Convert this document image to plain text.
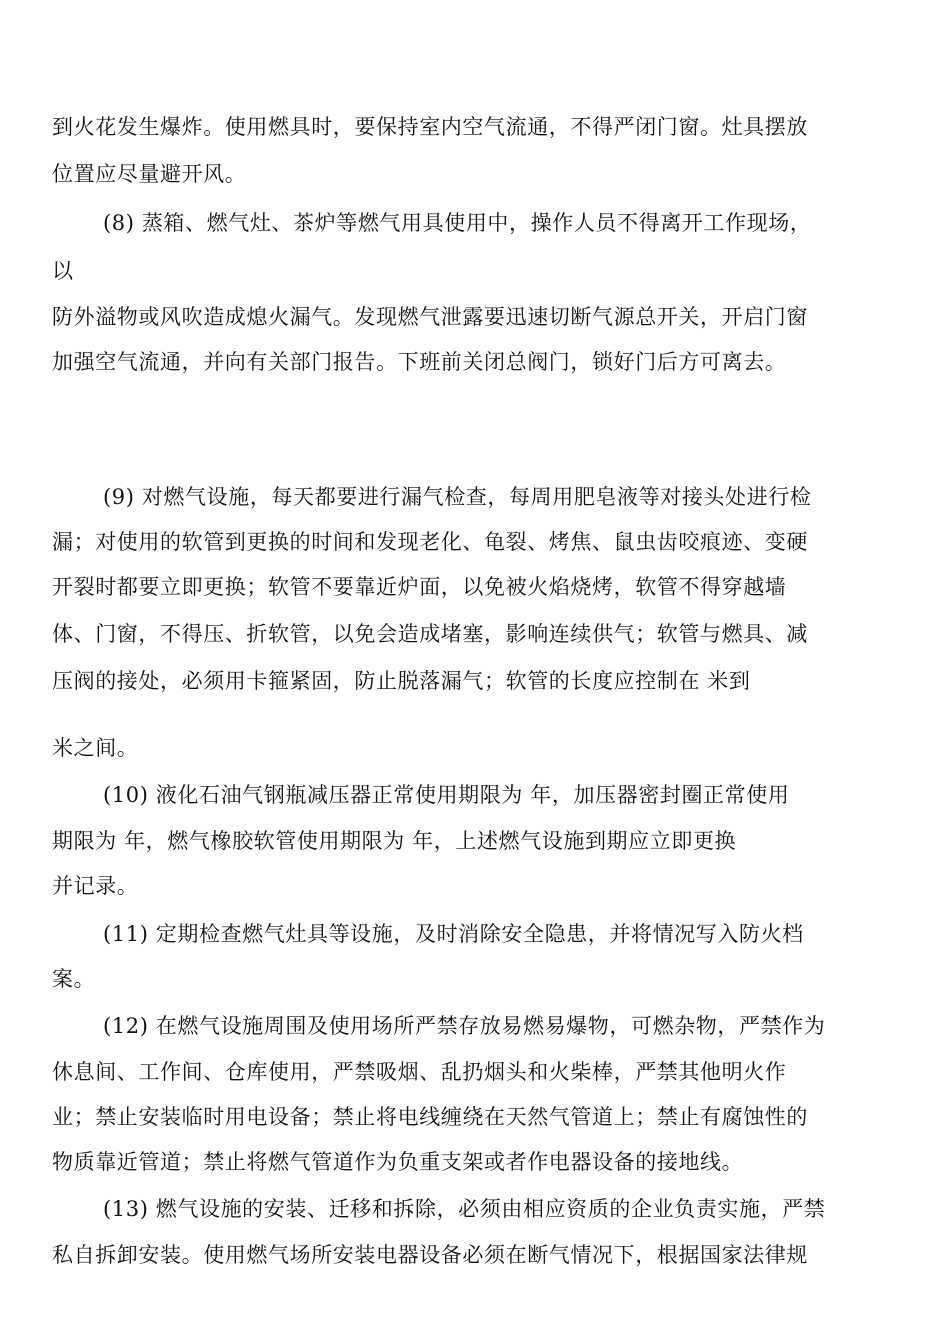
到火花发生爆炸。使用燃具时，要保持室内空气流通，不得严闭门窗。灶具摆放

位置应尽量避开风。

(8) 蒸箱、燃气灶、茶炉等燃气用具使用中，操作人员不得离开工作现场，

以

防外溢物或风吹造成熄火漏气。发现燃气泄露要迅速切断气源总开关，开启门窗

加强空气流通，并向有关部门报告。下班前关闭总阀门，锁好门后方可离去。

(9) 对燃气设施，每天都要进行漏气检查，每周用肥皂液等对接头处进行检

漏；对使用的软管到更换的时间和发现老化、龟裂、烤焦、鼠虫齿咬痕迹、变硬

开裂时都要立即更换；软管不要靠近炉面，以免被火焰烧烤，软管不得穿越墙

体、门窗，不得压、折软管，以免会造成堵塞，影响连续供气；软管与燃具、减

压阀的接处，必须用卡箍紧固，防止脱落漏气；软管的长度应控制在 米到

米之间。

(10) 液化石油气钢瓶减压器正常使用期限为 年，加压器密封圈正常使用

期限为 年，燃气橡胶软管使用期限为 年，上述燃气设施到期应立即更换

并记录。

(11) 定期检查燃气灶具等设施，及时消除安全隐患，并将情况写入防火档

案。

(12) 在燃气设施周围及使用场所严禁存放易燃易爆物，可燃杂物，严禁作为

休息间、工作间、仓库使用，严禁吸烟、乱扔烟头和火柴棒，严禁其他明火作

业；禁止安装临时用电设备；禁止将电线缠绕在天然气管道上；禁止有腐蚀性的

物质靠近管道；禁止将燃气管道作为负重支架或者作电器设备的接地线。

(13) 燃气设施的安装、迁移和拆除，必须由相应资质的企业负责实施，严禁

私自拆卸安装。使用燃气场所安装电器设备必须在断气情况下，根据国家法律规
